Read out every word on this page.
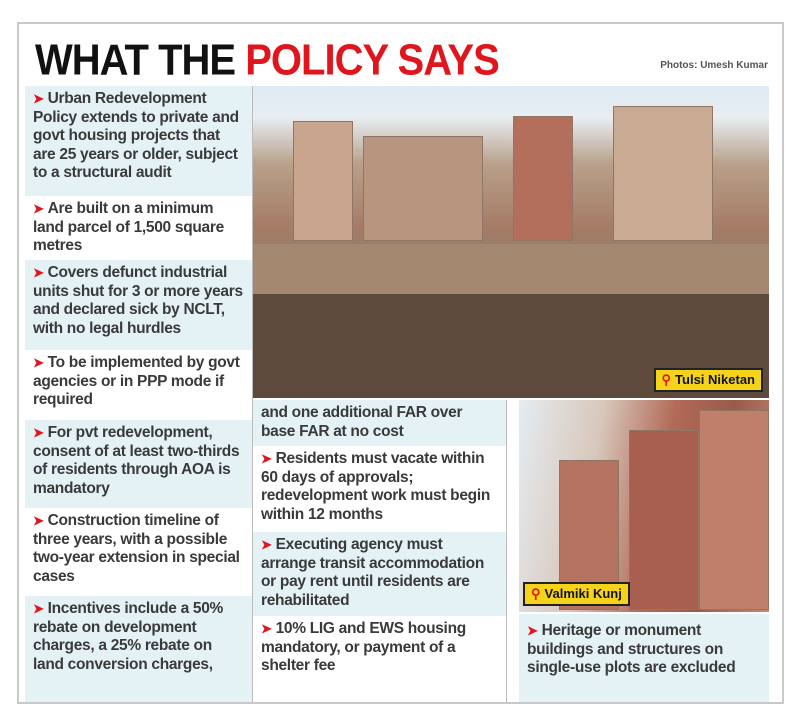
WHAT THE POLICY SAYS	Photos: Umesh Kumar
➤ Urban Redevelopment Policy extends to private and govt housing projects that are 25 years or older, subject to a structural audit
➤ Are built on a minimum land parcel of 1,500 square metres
➤ Covers defunct industrial units shut for 3 or more years and declared sick by NCLT, with no legal hurdles
➤ To be implemented by govt agencies or in PPP mode if required
➤ For pvt redevelopment, consent of at least two-thirds of residents through AOA is mandatory
➤ Construction timeline of three years, with a possible two-year extension in special cases
➤ Incentives include a 50% rebate on development charges, a 25% rebate on land conversion charges,
⚲ Tulsi Niketan
and one additional FAR over base FAR at no cost
➤ Residents must vacate within 60 days of approvals; redevelopment work must begin within 12 months
➤ Executing agency must arrange transit accommodation or pay rent until residents are rehabilitated
➤ 10% LIG and EWS housing mandatory, or payment of a shelter fee
⚲ Valmiki Kunj
➤ Heritage or monument buildings and structures on single-use plots are excluded
